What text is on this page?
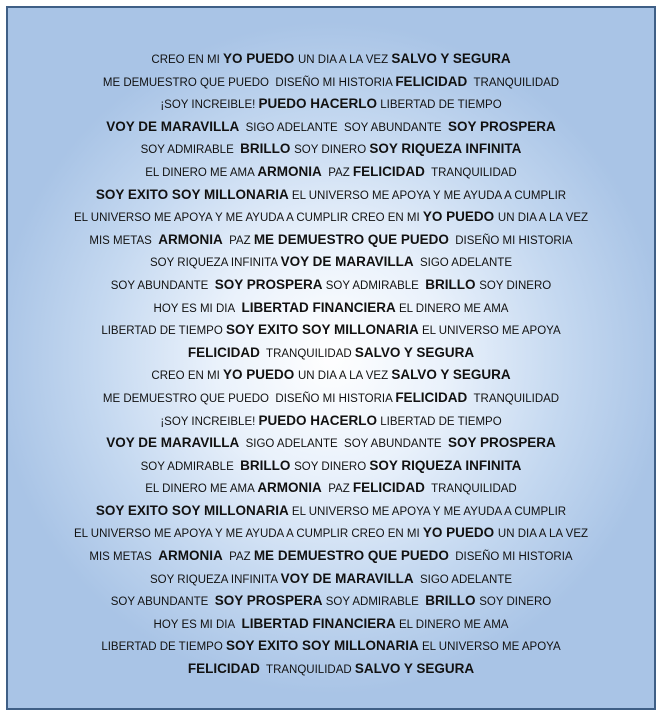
CREO EN MI YO PUEDO UN DIA A LA VEZ SALVO Y SEGURA
ME DEMUESTRO QUE PUEDO  DISEÑO MI HISTORIA FELICIDAD  TRANQUILIDAD
¡SOY INCREIBLE! PUEDO HACERLO LIBERTAD DE TIEMPO
VOY DE MARAVILLA  SIGO ADELANTE  SOY ABUNDANTE  SOY PROSPERA
SOY ADMIRABLE  BRILLO SOY DINERO SOY RIQUEZA INFINITA
EL DINERO ME AMA ARMONIA  PAZ FELICIDAD  TRANQUILIDAD
SOY EXITO SOY MILLONARIA EL UNIVERSO ME APOYA Y ME AYUDA A CUMPLIR
EL UNIVERSO ME APOYA Y ME AYUDA A CUMPLIR CREO EN MI YO PUEDO UN DIA A LA VEZ
MIS METAS  ARMONIA  PAZ ME DEMUESTRO QUE PUEDO  DISEÑO MI HISTORIA
SOY RIQUEZA INFINITA VOY DE MARAVILLA  SIGO ADELANTE
SOY ABUNDANTE  SOY PROSPERA SOY ADMIRABLE  BRILLO SOY DINERO
HOY ES MI DIA  LIBERTAD FINANCIERA EL DINERO ME AMA
LIBERTAD DE TIEMPO SOY EXITO SOY MILLONARIA EL UNIVERSO ME APOYA
FELICIDAD  TRANQUILIDAD SALVO Y SEGURA
CREO EN MI YO PUEDO UN DIA A LA VEZ SALVO Y SEGURA
ME DEMUESTRO QUE PUEDO  DISEÑO MI HISTORIA FELICIDAD  TRANQUILIDAD
¡SOY INCREIBLE! PUEDO HACERLO LIBERTAD DE TIEMPO
VOY DE MARAVILLA  SIGO ADELANTE  SOY ABUNDANTE  SOY PROSPERA
SOY ADMIRABLE  BRILLO SOY DINERO SOY RIQUEZA INFINITA
EL DINERO ME AMA ARMONIA  PAZ FELICIDAD  TRANQUILIDAD
SOY EXITO SOY MILLONARIA EL UNIVERSO ME APOYA Y ME AYUDA A CUMPLIR
EL UNIVERSO ME APOYA Y ME AYUDA A CUMPLIR CREO EN MI YO PUEDO UN DIA A LA VEZ
MIS METAS  ARMONIA  PAZ ME DEMUESTRO QUE PUEDO  DISEÑO MI HISTORIA
SOY RIQUEZA INFINITA VOY DE MARAVILLA  SIGO ADELANTE
SOY ABUNDANTE  SOY PROSPERA SOY ADMIRABLE  BRILLO SOY DINERO
HOY ES MI DIA  LIBERTAD FINANCIERA EL DINERO ME AMA
LIBERTAD DE TIEMPO SOY EXITO SOY MILLONARIA EL UNIVERSO ME APOYA
FELICIDAD  TRANQUILIDAD SALVO Y SEGURA
